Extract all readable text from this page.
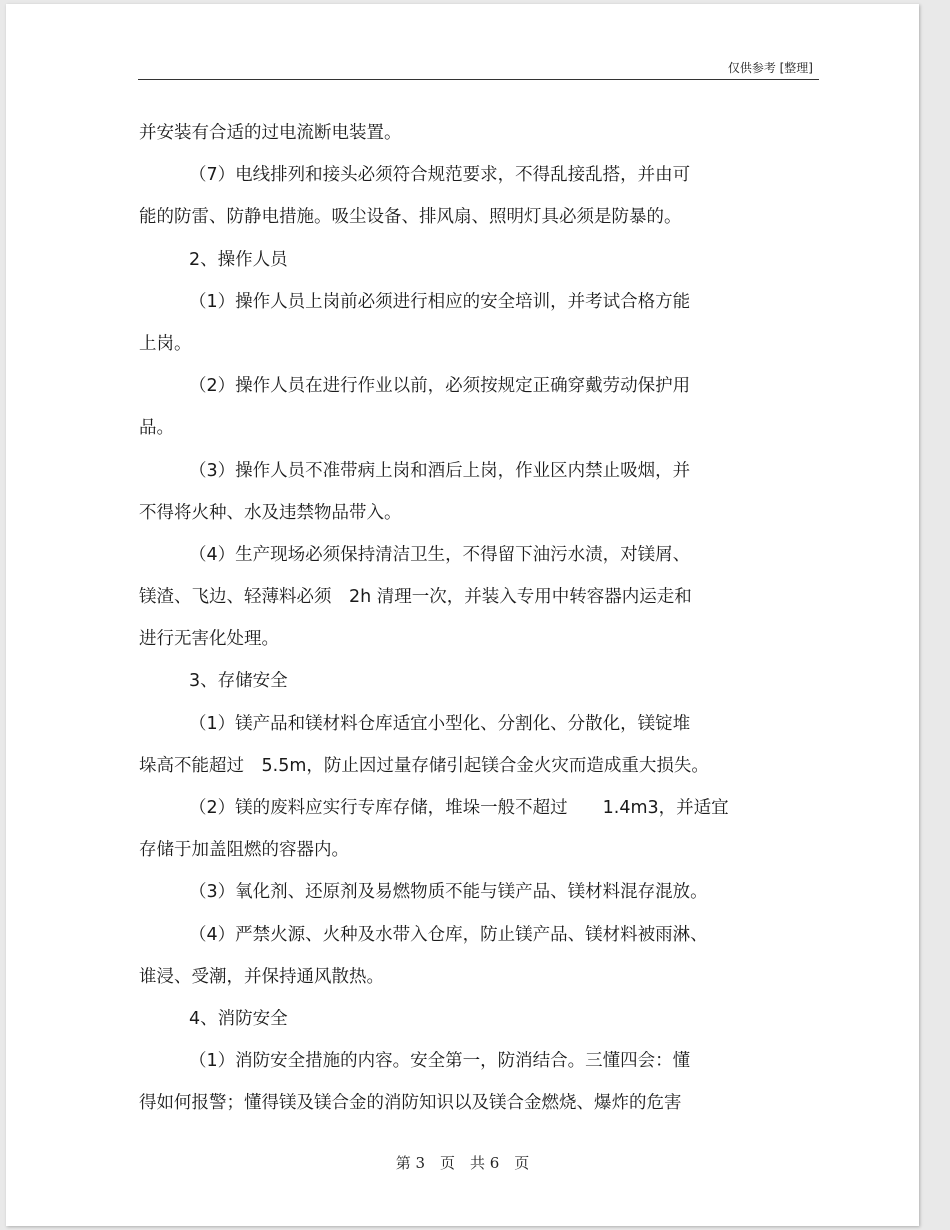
仅供参考 [整理]
并安装有合适的过电流断电装置。
（7）电线排列和接头必须符合规范要求，不得乱接乱搭，并由可
能的防雷、防静电措施。吸尘设备、排风扇、照明灯具必须是防暴的。
2、操作人员
（1）操作人员上岗前必须进行相应的安全培训，并考试合格方能
上岗。
（2）操作人员在进行作业以前，必须按规定正确穿戴劳动保护用
品。
（3）操作人员不准带病上岗和酒后上岗，作业区内禁止吸烟，并
不得将火种、水及违禁物品带入。
（4）生产现场必须保持清洁卫生，不得留下油污水渍，对镁屑、
镁渣、飞边、轻薄料必须　2h 清理一次，并装入专用中转容器内运走和
进行无害化处理。
3、存储安全
（1）镁产品和镁材料仓库适宜小型化、分割化、分散化，镁锭堆
垛高不能超过　5.5m，防止因过量存储引起镁合金火灾而造成重大损失。
（2）镁的废料应实行专库存储，堆垛一般不超过　　1.4m3，并适宜
存储于加盖阻燃的容器内。
（3）氧化剂、还原剂及易燃物质不能与镁产品、镁材料混存混放。
（4）严禁火源、火种及水带入仓库，防止镁产品、镁材料被雨淋、
谁浸、受潮，并保持通风散热。
4、消防安全
（1）消防安全措施的内容。安全第一，防消结合。三懂四会：懂
得如何报警；懂得镁及镁合金的消防知识以及镁合金燃烧、爆炸的危害
第 3　页　共 6　页
